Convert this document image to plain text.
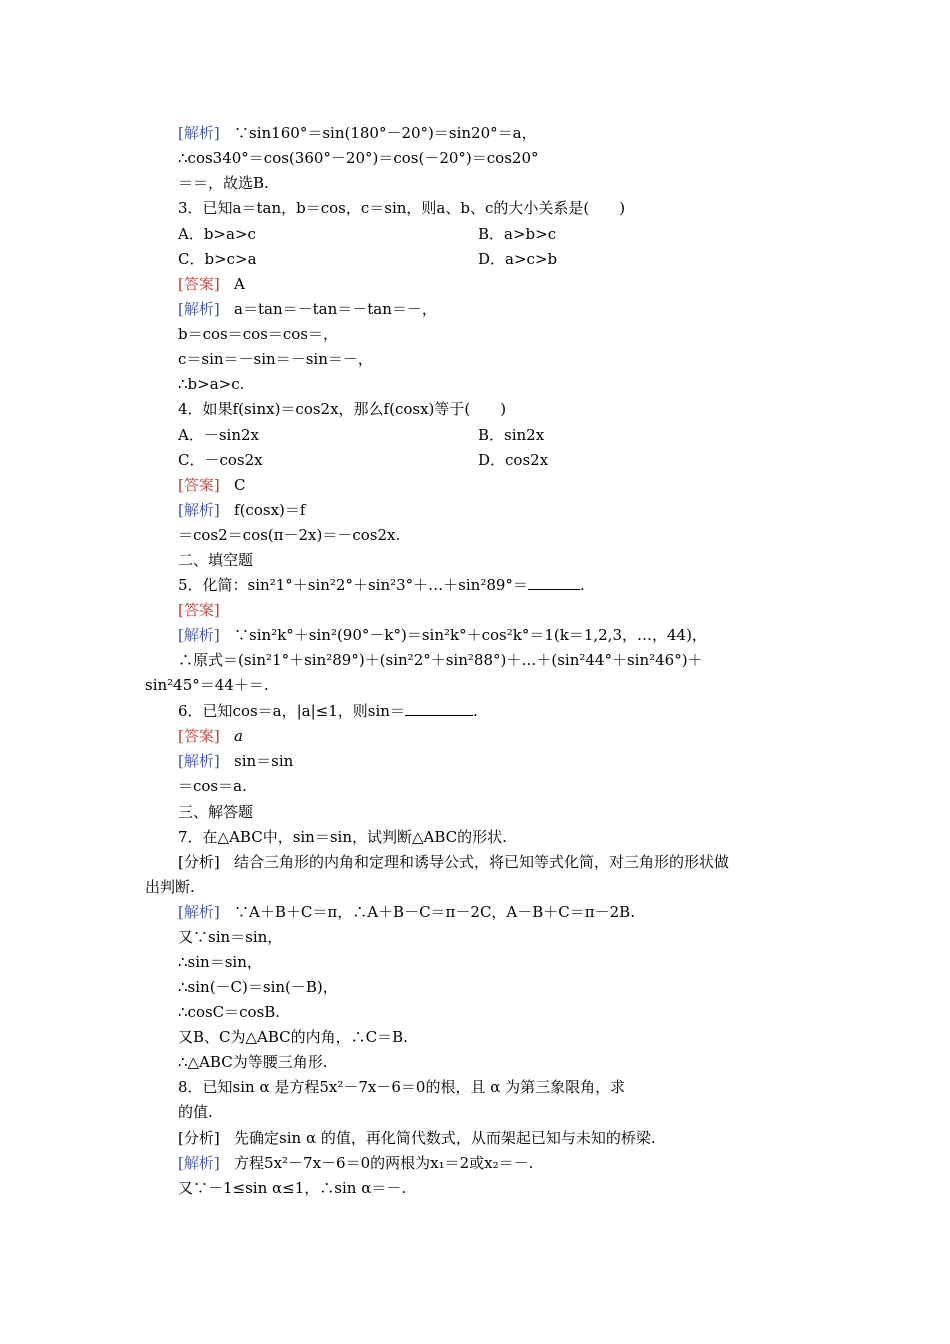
[解析] ∵sin160°＝sin(180°－20°)＝sin20°＝a，
∴cos340°＝cos(360°－20°)＝cos(－20°)＝cos20°
＝＝，故选B.
3．已知a＝tan，b＝cos，c＝sin，则a、b、c的大小关系是(　　)
A．b>a>c	B．a>b>c
C．b>c>a	D．a>c>b
[答案] A
[解析] a＝tan＝－tan＝－tan＝－，
b＝cos＝cos＝cos＝，
c＝sin＝－sin＝－sin＝－，
∴b>a>c.
4．如果f(sinx)＝cos2x，那么f(cosx)等于(　　)
A．－sin2x	B．sin2x
C．－cos2x	D．cos2x
[答案] C
[解析] f(cosx)＝f
＝cos2＝cos(π－2x)＝－cos2x.
二、填空题
5．化简：sin²1°＋sin²2°＋sin²3°＋…＋sin²89°＝	.
[答案]
[解析] ∵sin²k°＋sin²(90°－k°)＝sin²k°＋cos²k°＝1(k＝1,2,3，…，44)，
∴原式＝(sin²1°＋sin²89°)＋(sin²2°＋sin²88°)＋…＋(sin²44°＋sin²46°)＋
sin²45°＝44＋＝.
6．已知cos＝a，|a|≤1，则sin＝	.
[答案] a
[解析] sin＝sin
＝cos＝a.
三、解答题
7．在△ABC中，sin＝sin，试判断△ABC的形状.
[分析] 结合三角形的内角和定理和诱导公式，将已知等式化简，对三角形的形状做
出判断.
[解析] ∵A＋B＋C＝π，∴A＋B－C＝π－2C，A－B＋C＝π－2B.
又∵sin＝sin，
∴sin＝sin，
∴sin(－C)＝sin(－B)，
∴cosC＝cosB.
又B、C为△ABC的内角，∴C＝B.
∴△ABC为等腰三角形.
8．已知sin α 是方程5x²－7x－6＝0的根，且 α 为第三象限角，求
的值.
[分析] 先确定sin α 的值，再化简代数式，从而架起已知与未知的桥梁.
[解析] 方程5x²－7x－6＝0的两根为x₁＝2或x₂＝－.
又∵－1≤sin α≤1，∴sin α＝－.
